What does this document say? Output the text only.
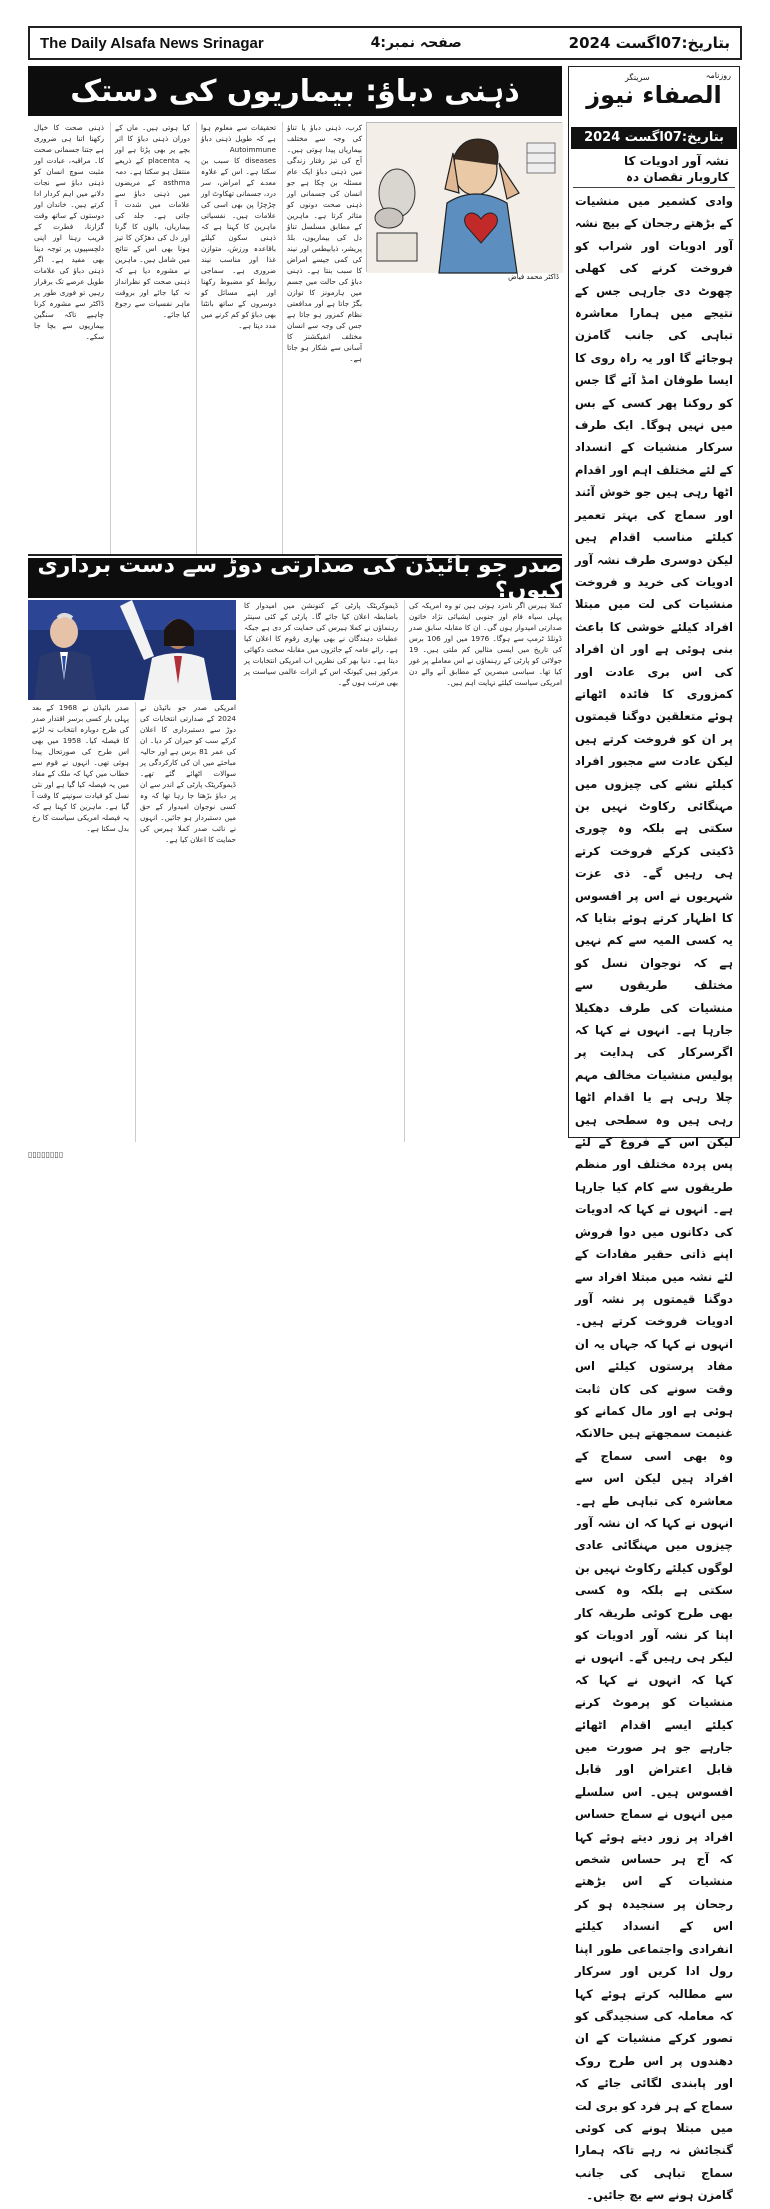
The Daily Alsafa News Srinagar	صفحہ نمبر:4	بتاریخ:07اگست 2024
روزنامہ
الصفاء نیوز
سرینگر
بتاریخ:07اگست 2024
نشہ آور ادویات کا کاروبار نقصان دہ
وادی کشمیر میں منشیات کے بڑھتے رجحان کے بیچ نشہ آور ادویات اور شراب کو فروخت کرنے کی کھلی چھوٹ دی جارہی جس کے نتیجے میں ہمارا معاشرہ تباہی کی جانب گامزن ہوجائے گا اور یہ راہ روی کا ایسا طوفان امڈ آئے گا جس کو روکنا پھر کسی کے بس میں نہیں ہوگا۔ ایک طرف سرکار منشیات کے انسداد کے لئے مختلف اہم اور اقدام اٹھا رہی ہیں جو خوش آئند اور سماج کی بہتر تعمیر کیلئے مناسب اقدام ہیں لیکن دوسری طرف نشہ آور ادویات کی خرید و فروخت منشیات کی لت میں مبتلا افراد کیلئے خوشی کا باعث بنی ہوئی ہے اور ان افراد کی اس بری عادت اور کمزوری کا فائدہ اٹھاتے ہوئے متعلقین دوگنا قیمتوں پر ان کو فروخت کرتے ہیں لیکن عادت سے مجبور افراد کیلئے نشے کی چیزوں میں مہنگائی رکاوٹ نہیں بن سکتی ہے بلکہ وہ چوری ڈکیتی کرکے فروخت کرتے ہی رہیں گے۔ ذی عزت شہریوں نے اس پر افسوس کا اظہار کرتے ہوئے بتایا کہ یہ کسی المیہ سے کم نہیں ہے کہ نوجوان نسل کو مختلف طریقوں سے منشیات کی طرف دھکیلا جارہا ہے۔ انہوں نے کہا کہ اگرسرکار کی ہدایت پر پولیس منشیات مخالف مہم چلا رہی ہے یا اقدام اٹھا رہی ہیں وہ سطحی ہیں لیکن اس کے فروغ کے لئے پس پردہ مختلف اور منظم طریقوں سے کام کیا جارہا ہے۔ انہوں نے کہا کہ ادویات کی دکانوں میں دوا فروش اپنے ذاتی حقیر مفادات کے لئے نشہ میں مبتلا افراد سے دوگنا قیمتوں پر نشہ آور ادویات فروخت کرتے ہیں۔ انہوں نے کہا کہ جہاں یہ ان مفاد پرستوں کیلئے اس وقت سونے کی کان ثابت ہوئی ہے اور مال کمانے کو غنیمت سمجھتے ہیں حالانکہ وہ بھی اسی سماج کے افراد ہیں لیکن اس سے معاشرہ کی تباہی طے ہے۔ انہوں نے کہا کہ ان نشہ آور چیزوں میں مہنگائی عادی لوگوں کیلئے رکاوٹ نہیں بن سکتی ہے بلکہ وہ کسی بھی طرح کوئی طریقہ کار اپنا کر نشہ آور ادویات کو لیکر ہی رہیں گے۔ انہوں نے کہا کہ انہوں نے کہا کہ منشیات کو پرموٹ کرنے کیلئے ایسے اقدام اٹھائے جارہے جو ہر صورت میں قابل اعتراض اور قابل افسوس ہیں۔ اس سلسلے میں انہوں نے سماج حساس افراد پر زور دیتے ہوئے کہا کہ آج ہر حساس شخص منشیات کے اس بڑھتے رجحان پر سنجیدہ ہو کر اس کے انسداد کیلئے انفرادی واجتماعی طور اپنا رول ادا کریں اور سرکار سے مطالبہ کرتے ہوئے کہا کہ معاملہ کی سنجیدگی کو تصور کرکے منشیات کے ان دھندوں پر اس طرح روک اور پابندی لگائی جائے کہ سماج کے ہر فرد کو بری لت میں مبتلا ہونے کی کوئی گنجائش نہ رہے تاکہ ہمارا سماج تباہی کی جانب گامزن ہونے سے بچ جائیں۔
ذہنی دباؤ: بیماریوں کی دستک
ڈاکٹر محمد فیاض
کرب، ذہنی دباؤ یا تناؤ کی وجہ سے مختلف بیماریاں پیدا ہوتی ہیں۔ آج کی تیز رفتار زندگی میں ذہنی دباؤ ایک عام مسئلہ بن چکا ہے جو انسان کی جسمانی اور ذہنی صحت دونوں کو متاثر کرتا ہے۔ ماہرین کے مطابق مسلسل تناؤ دل کی بیماریوں، بلڈ پریشر، ذیابیطس اور نیند کی کمی جیسے امراض کا سبب بنتا ہے۔ ذہنی دباؤ کی حالت میں جسم میں ہارمونز کا توازن بگڑ جاتا ہے اور مدافعتی نظام کمزور ہو جاتا ہے جس کی وجہ سے انسان مختلف انفیکشنز کا آسانی سے شکار ہو جاتا ہے۔
تحقیقات سے معلوم ہوا ہے کہ طویل ذہنی دباؤ Autoimmune diseases کا سبب بن سکتا ہے۔ اس کے علاوہ معدے کے امراض، سر درد، جسمانی تھکاوٹ اور چڑچڑا پن بھی اسی کی علامات ہیں۔ نفسیاتی ماہرین کا کہنا ہے کہ ذہنی سکون کیلئے باقاعدہ ورزش، متوازن غذا اور مناسب نیند ضروری ہے۔ سماجی روابط کو مضبوط رکھنا اور اپنے مسائل کو دوسروں کے ساتھ بانٹنا بھی دباؤ کو کم کرنے میں مدد دیتا ہے۔
کیا ہوتی ہیں۔ ماں کے دوران ذہنی دباؤ کا اثر بچے پر بھی پڑتا ہے اور یہ placenta کے ذریعے منتقل ہو سکتا ہے۔ دمہ asthma کے مریضوں میں ذہنی دباؤ سے علامات میں شدت آ جاتی ہے۔ جلد کی بیماریاں، بالوں کا گرنا اور دل کی دھڑکن کا تیز ہونا بھی اس کے نتائج میں شامل ہیں۔ ماہرین نے مشورہ دیا ہے کہ ذہنی صحت کو نظرانداز نہ کیا جائے اور بروقت ماہر نفسیات سے رجوع کیا جائے۔
ذہنی صحت کا خیال رکھنا اتنا ہی ضروری ہے جتنا جسمانی صحت کا۔ مراقبہ، عبادت اور مثبت سوچ انسان کو ذہنی دباؤ سے نجات دلانے میں اہم کردار ادا کرتے ہیں۔ خاندان اور دوستوں کے ساتھ وقت گزارنا، فطرت کے قریب رہنا اور اپنی دلچسپیوں پر توجہ دینا بھی مفید ہے۔ اگر ذہنی دباؤ کی علامات طویل عرصے تک برقرار رہیں تو فوری طور پر ڈاکٹر سے مشورہ کرنا چاہیے تاکہ سنگین بیماریوں سے بچا جا سکے۔
صدر جو بائیڈن کی صدارتی دوڑ سے دست برداری کیوں؟
امریکی صدر جو بائیڈن نے 2024 کے صدارتی انتخابات کی دوڑ سے دستبرداری کا اعلان کرکے سب کو حیران کر دیا۔ ان کی عمر 81 برس ہے اور حالیہ مباحثے میں ان کی کارکردگی پر سوالات اٹھائے گئے تھے۔ ڈیموکریٹک پارٹی کے اندر سے ان پر دباؤ بڑھتا جا رہا تھا کہ وہ کسی نوجوان امیدوار کے حق میں دستبردار ہو جائیں۔ انہوں نے نائب صدر کملا ہیرس کی حمایت کا اعلان کیا ہے۔
صدر بائیڈن نے 1968 کے بعد پہلی بار کسی برسر اقتدار صدر کی طرح دوبارہ انتخاب نہ لڑنے کا فیصلہ کیا۔ 1958 میں بھی اس طرح کی صورتحال پیدا ہوئی تھی۔ انہوں نے قوم سے خطاب میں کہا کہ ملک کے مفاد میں یہ فیصلہ کیا گیا ہے اور نئی نسل کو قیادت سونپنے کا وقت آ گیا ہے۔ ماہرین کا کہنا ہے کہ یہ فیصلہ امریکی سیاست کا رخ بدل سکتا ہے۔
کملا ہیرس اگر نامزد ہوتی ہیں تو وہ امریکہ کی پہلی سیاہ فام اور جنوبی ایشیائی نژاد خاتون صدارتی امیدوار ہوں گی۔ ان کا مقابلہ سابق صدر ڈونلڈ ٹرمپ سے ہوگا۔ 1976 میں اور 106 برس کی تاریخ میں ایسی مثالیں کم ملتی ہیں۔ 19 جولائی کو پارٹی کے رہنماؤں نے اس معاملے پر غور کیا تھا۔ سیاسی مبصرین کے مطابق آنے والے دن امریکی سیاست کیلئے نہایت اہم ہیں۔
ڈیموکریٹک پارٹی کے کنونشن میں امیدوار کا باضابطہ اعلان کیا جائے گا۔ پارٹی کے کئی سینئر رہنماؤں نے کملا ہیرس کی حمایت کر دی ہے جبکہ عطیات دہندگان نے بھی بھاری رقوم کا اعلان کیا ہے۔ رائے عامہ کے جائزوں میں مقابلہ سخت دکھائی دیتا ہے۔ دنیا بھر کی نظریں اب امریکی انتخابات پر مرکوز ہیں کیونکہ اس کے اثرات عالمی سیاست پر بھی مرتب ہوں گے۔
▯▯▯▯▯▯▯▯
